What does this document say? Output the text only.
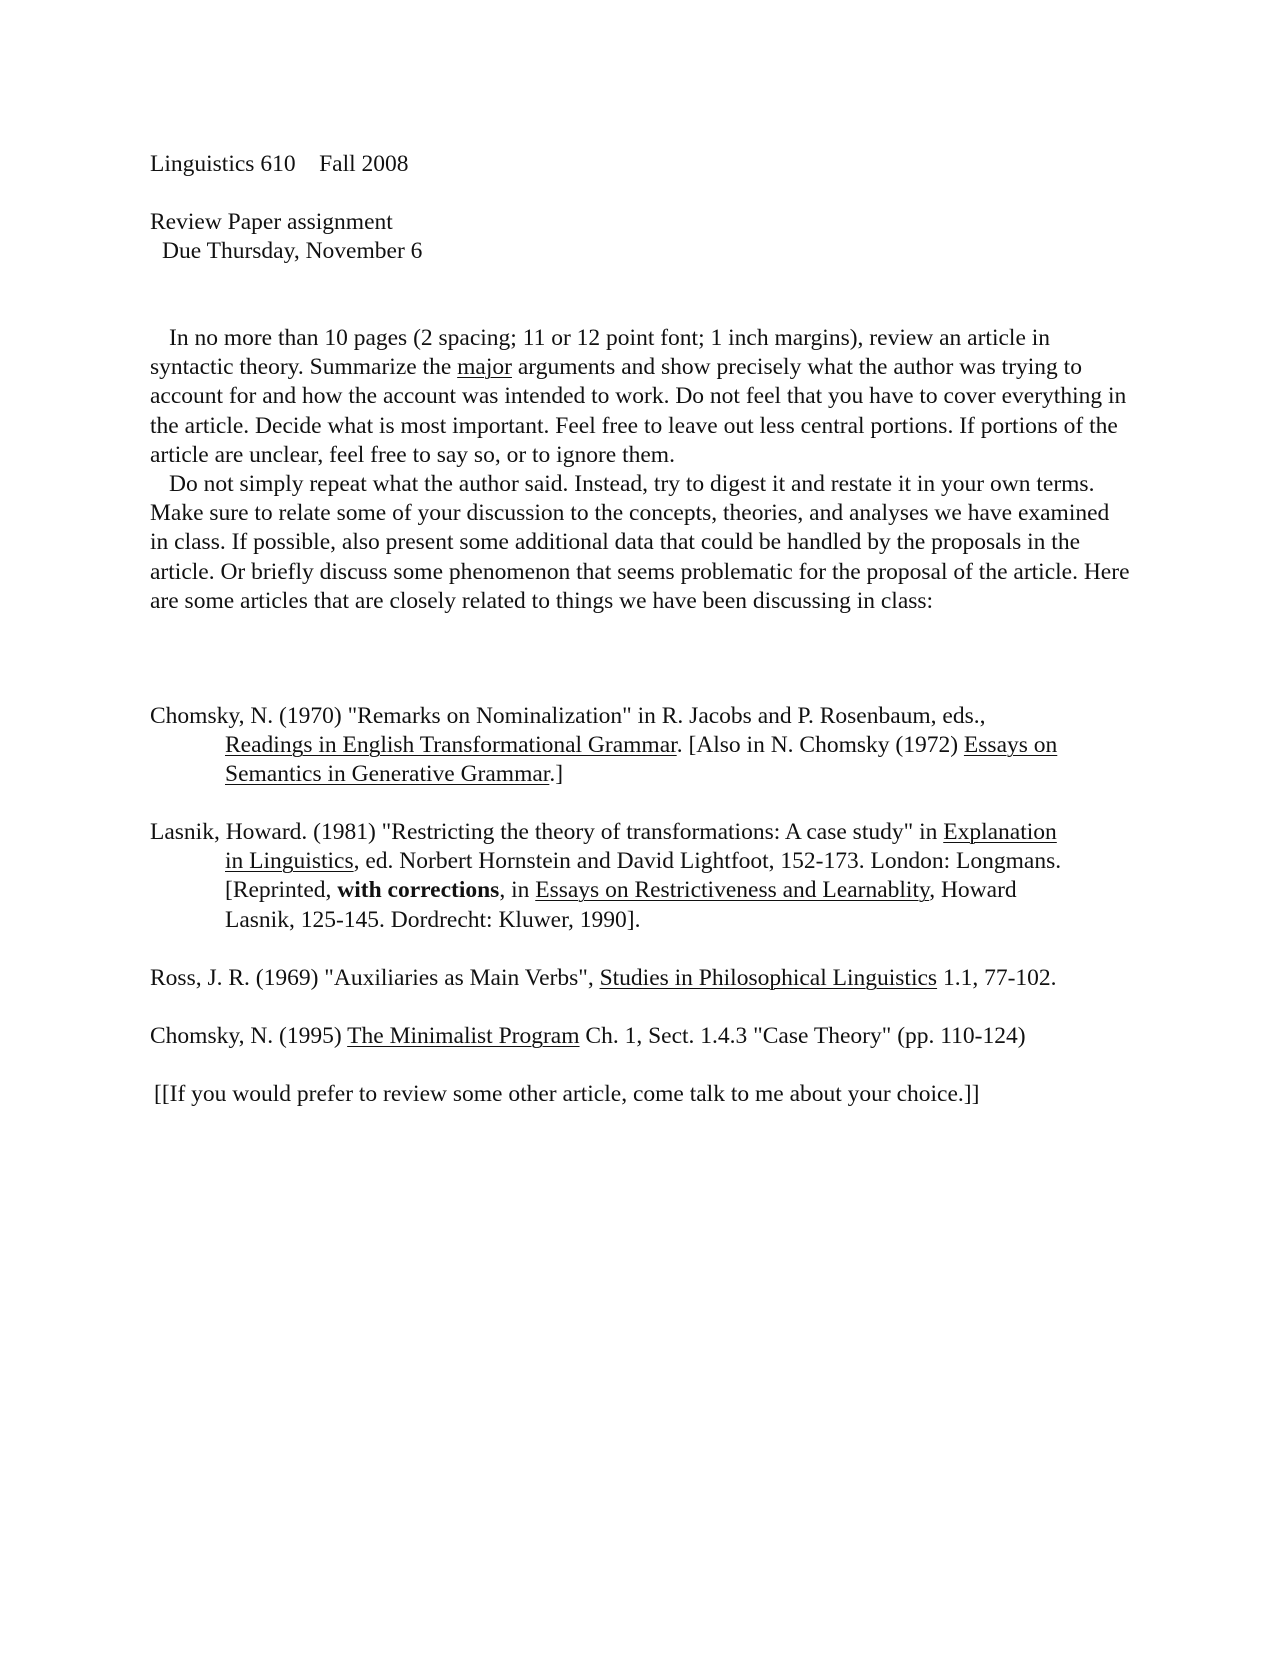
Linguistics 610 Fall 2008
Review Paper assignment
Due Thursday, November 6

In no more than 10 pages (2 spacing; 11 or 12 point font; 1 inch margins), review an article in syntactic theory. Summarize the major arguments and show precisely what the author was trying to account for and how the account was intended to work. Do not feel that you have to cover everything in the article. Decide what is most important. Feel free to leave out less central portions. If portions of the article are unclear, feel free to say so, or to ignore them.

Do not simply repeat what the author said. Instead, try to digest it and restate it in your own terms. Make sure to relate some of your discussion to the concepts, theories, and analyses we have examined in class. If possible, also present some additional data that could be handled by the proposals in the article. Or briefly discuss some phenomenon that seems problematic for the proposal of the article. Here are some articles that are closely related to things we have been discussing in class:

Chomsky, N. (1970) "Remarks on Nominalization" in R. Jacobs and P. Rosenbaum, eds.,
Readings in English Transformational Grammar. [Also in N. Chomsky (1972) Essays on
Semantics in Generative Grammar.]
Lasnik, Howard. (1981) "Restricting the theory of transformations: A case study" in Explanation
in Linguistics, ed. Norbert Hornstein and David Lightfoot, 152-173. London: Longmans.
[Reprinted, with corrections, in Essays on Restrictiveness and Learnablity, Howard
Lasnik, 125-145. Dordrecht: Kluwer, 1990].
Ross, J. R. (1969) "Auxiliaries as Main Verbs", Studies in Philosophical Linguistics 1.1, 77-102.
Chomsky, N. (1995) The Minimalist Program Ch. 1, Sect. 1.4.3 "Case Theory" (pp. 110-124)
[[If you would prefer to review some other article, come talk to me about your choice.]]
